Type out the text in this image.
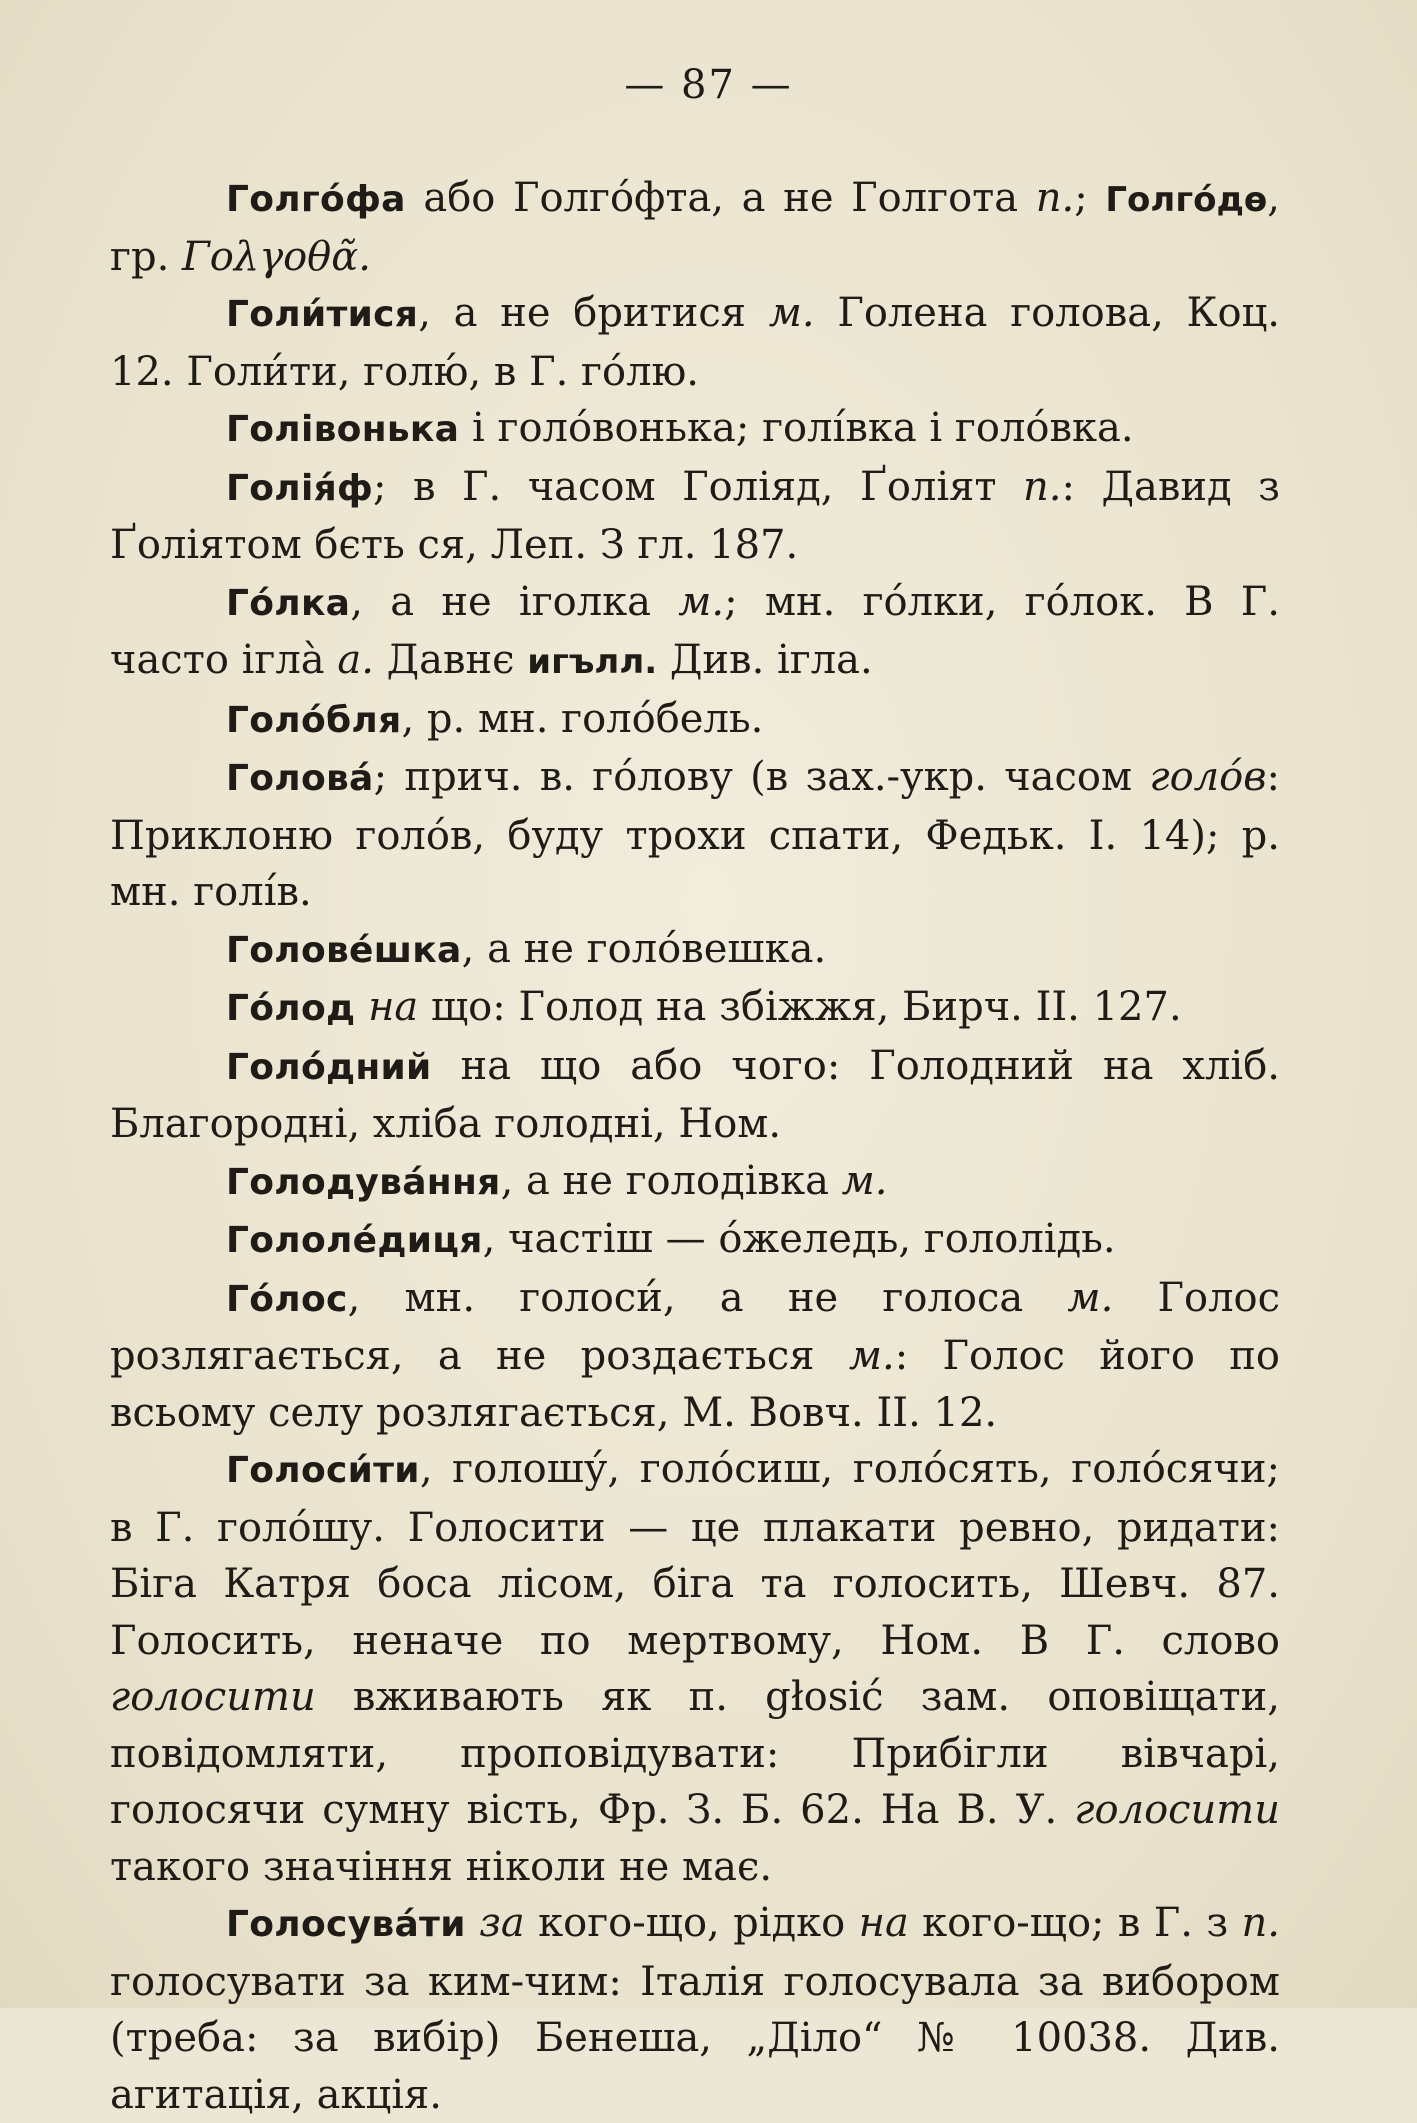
— 87 —

Голго́фа або Голгóфта, а не Голгота п.; Голго́дѳ, гр. Γολγοθᾶ.

Голи́тися, а не бритися м. Голена голова, Коц. 12. Голи́ти, голю́, в Г. гóлю.

Голівонька і голóвонька; голі́вка і голóвка.

Голія́ф; в Г. часом Голіяд, Ґоліят п.: Давид з Ґоліятом бєть ся, Леп. З гл. 187.

Го́лка, а не іголка м.; мн. гóлки, гóлок. В Г. часто іглà а. Давнє игълл. Див. ігла.

Голо́бля, р. мн. голóбель.

Голова́; прич. в. гóлову (в зах.-укр. часом голо́в: Приклоню голóв, буду трохи спати, Федьк. І. 14); р. мн. голі́в.

Голове́шка, а не голóвешка.

Го́лод на що: Голод на збіжжя, Бирч. ІІ. 127.

Голо́дний на що або чого: Голодний на хліб. Благородні, хліба голодні, Ном.

Голодува́ння, а не голодівка м.

Гололе́диця, частіш — óжеледь, гололідь.

Го́лос, мн. голоси́, а не голоса м. Голос розлягається, а не роздається м.: Голос його по всьому селу розлягається, М. Вовч. ІІ. 12.

Голоси́ти, голошу́, голóсиш, голóсять, голóсячи; в Г. голóшу. Голосити — це плакати ревно, ридати: Біга Катря боса лісом, біга та голосить, Шевч. 87. Голосить, неначе по мертвому, Ном. В Г. слово голосити вживають як п. głosić зам. оповіщати, повідомляти, проповідувати: Прибігли вівчарі, голосячи сумну вість, Фр. З. Б. 62. На В. У. голосити такого значіння ніколи не має.

Голосува́ти за кого-що, рідко на кого-що; в Г. з п. голосувати за ким-чим: Італія голосувала за вибором (треба: за вибір) Бенеша, „Діло“ № 10038. Див. агитація, акція.
